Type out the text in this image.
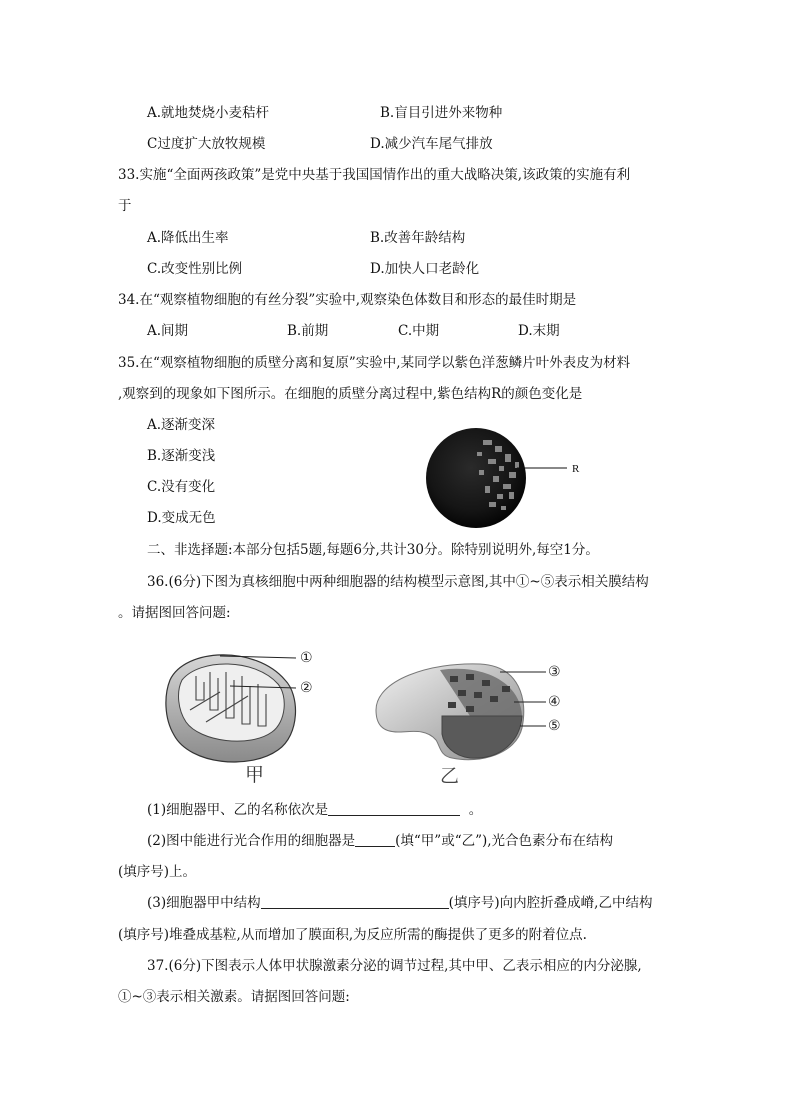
A.就地焚烧小麦秸杆	B.盲目引进外来物种
C过度扩大放牧规模	D.减少汽车尾气排放
33.实施“全面两孩政策”是党中央基于我国国情作出的重大战略决策,该政策的实施有利
于
A.降低出生率	B.改善年龄结构
C.改变性别比例	D.加快人口老龄化
34.在“观察植物细胞的有丝分裂”实验中,观察染色体数目和形态的最佳时期是
A.间期	B.前期	C.中期	D.末期
35.在“观察植物细胞的质壁分离和复原”实验中,某同学以紫色洋葱鳞片叶外表皮为材料
,观察到的现象如下图所示。在细胞的质壁分离过程中,紫色结构R的颜色变化是
A.逐渐变深
B.逐渐变浅
C.没有变化
D.变成无色
R
二、非选择题:本部分包括5题,每题6分,共计30分。除特别说明外,每空1分。
36.(6分)下图为真核细胞中两种细胞器的结构模型示意图,其中①~⑤表示相关膜结构
。请据图回答问题:
①
②
甲
③
④
⑤
乙
(1)细胞器甲、乙的名称依次是	。
(2)图中能进行光合作用的细胞器是	(填“甲”或“乙”),光合色素分布在结构
(填序号)上。
(3)细胞器甲中结构	(填序号)向内腔折叠成嵴,乙中结构
(填序号)堆叠成基粒,从而增加了膜面积,为反应所需的酶提供了更多的附着位点.
37.(6分)下图表示人体甲状腺激素分泌的调节过程,其中甲、乙表示相应的内分泌腺,
①~③表示相关激素。请据图回答问题:
